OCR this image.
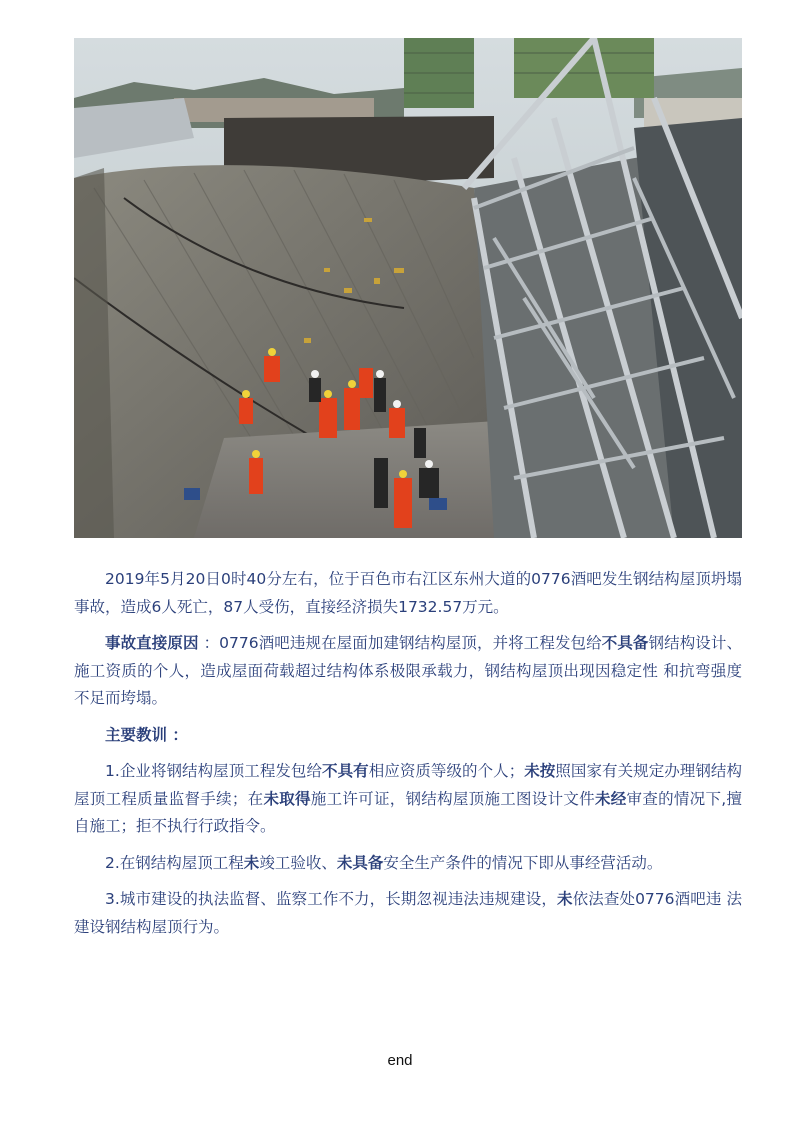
2019年5月20日0时40分左右，位于百色市右江区东州大道的0776酒吧发生钢结构屋顶坍塌事故，造成6人死亡，87人受伤，直接经济损失1732.57万元。

事故直接原因 ：0776酒吧违规在屋面加建钢结构屋顶，并将工程发包给不具备钢结构设计、施工资质的个人，造成屋面荷载超过结构体系极限承载力，钢结构屋顶出现因稳定性 和抗弯强度不足而垮塌。

主要教训 ：

1.企业将钢结构屋顶工程发包给不具有相应资质等级的个人；未按照国家有关规定办理钢结构屋顶工程质量监督手续；在未取得施工许可证，钢结构屋顶施工图设计文件未经审查的情况下,擅自施工；拒不执行行政指令。

2.在钢结构屋顶工程未竣工验收、未具备安全生产条件的情况下即从事经营活动。

3.城市建设的执法监督、监察工作不力，长期忽视违法违规建设，未依法查处0776酒吧违 法建设钢结构屋顶行为。

end
